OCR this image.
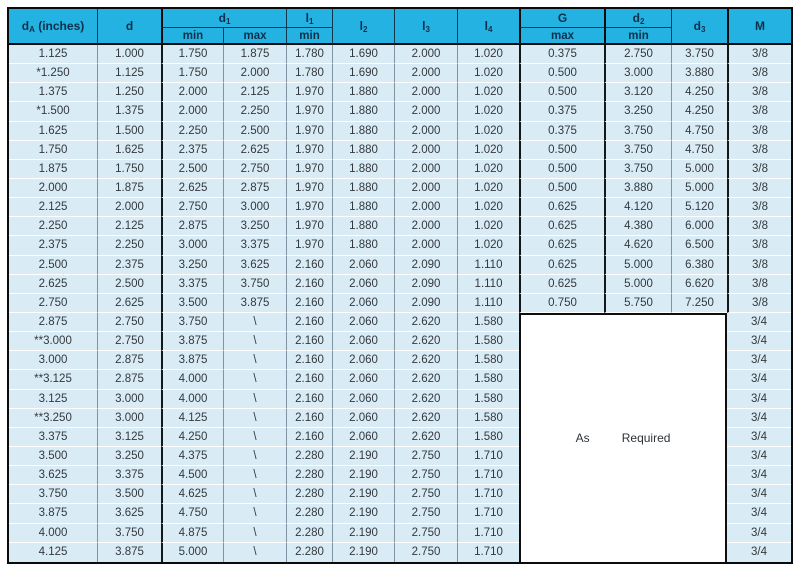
$d_A$ (inches)	d	$d_1$		$l_1$	$l_2$	$l_3$	$l_4$	G	$d_2$	$d_3$	M
		min	max	min				max	min		
1.125	1.000	1.750	1.875	1.780	1.690	2.000	1.020	0.375	2.750	3.750	3/8
*1.250	1.125	1.750	2.000	1.780	1.690	2.000	1.020	0.500	3.000	3.880	3/8
1.375	1.250	2.000	2.125	1.970	1.880	2.000	1.020	0.500	3.120	4.250	3/8
*1.500	1.375	2.000	2.250	1.970	1.880	2.000	1.020	0.375	3.250	4.250	3/8
1.625	1.500	2.250	2.500	1.970	1.880	2.000	1.020	0.375	3.750	4.750	3/8
1.750	1.625	2.375	2.625	1.970	1.880	2.000	1.020	0.500	3.750	4.750	3/8
1.875	1.750	2.500	2.750	1.970	1.880	2.000	1.020	0.500	3.750	5.000	3/8
2.000	1.875	2.625	2.875	1.970	1.880	2.000	1.020	0.500	3.880	5.000	3/8
2.125	2.000	2.750	3.000	1.970	1.880	2.000	1.020	0.625	4.120	5.120	3/8
2.250	2.125	2.875	3.250	1.970	1.880	2.000	1.020	0.625	4.380	6.000	3/8
2.375	2.250	3.000	3.375	1.970	1.880	2.000	1.020	0.625	4.620	6.500	3/8
2.500	2.375	3.250	3.625	2.160	2.060	2.090	1.110	0.625	5.000	6.380	3/8
2.625	2.500	3.375	3.750	2.160	2.060	2.090	1.110	0.625	5.000	6.620	3/8
2.750	2.625	3.500	3.875	2.160	2.060	2.090	1.110	0.750	5.750	7.250	3/8
2.875	2.750	3.750	\	2.160	2.060	2.620	1.580	As Required			3/4
**3.000	2.750	3.875	\	2.160	2.060	2.620	1.580				3/4
3.000	2.875	3.875	\	2.160	2.060	2.620	1.580				3/4
**3.125	2.875	4.000	\	2.160	2.060	2.620	1.580				3/4
3.125	3.000	4.000	\	2.160	2.060	2.620	1.580				3/4
**3.250	3.000	4.125	\	2.160	2.060	2.620	1.580				3/4
3.375	3.125	4.250	\	2.160	2.060	2.620	1.580				3/4
3.500	3.250	4.375	\	2.280	2.190	2.750	1.710				3/4
3.625	3.375	4.500	\	2.280	2.190	2.750	1.710				3/4
3.750	3.500	4.625	\	2.280	2.190	2.750	1.710				3/4
3.875	3.625	4.750	\	2.280	2.190	2.750	1.710				3/4
4.000	3.750	4.875	\	2.280	2.190	2.750	1.710				3/4
4.125	3.875	5.000	\	2.280	2.190	2.750	1.710				3/4
